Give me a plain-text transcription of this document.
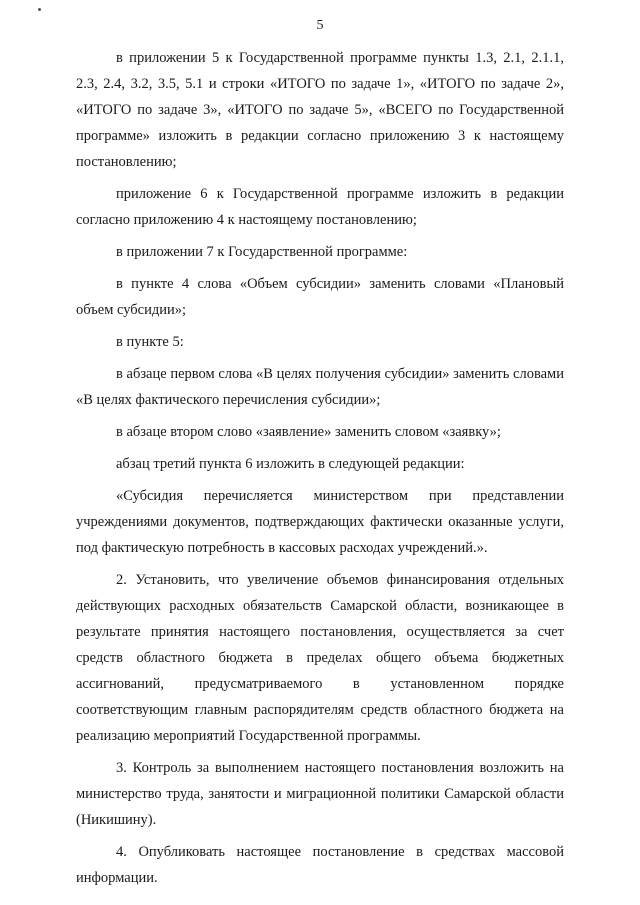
5

в приложении 5 к Государственной программе пункты 1.3, 2.1, 2.1.1, 2.3, 2.4, 3.2, 3.5, 5.1 и строки «ИТОГО по задаче 1», «ИТОГО по задаче 2», «ИТОГО по задаче 3», «ИТОГО по задаче 5», «ВСЕГО по Государственной программе» изложить в редакции согласно приложению 3 к настоящему постановлению;

приложение 6 к Государственной программе изложить в редакции согласно приложению 4 к настоящему постановлению;

в приложении 7 к Государственной программе:

в пункте 4 слова «Объем субсидии» заменить словами «Плановый объем субсидии»;

в пункте 5:

в абзаце первом слова «В целях получения субсидии» заменить словами «В целях фактического перечисления субсидии»;

в абзаце втором слово «заявление» заменить словом «заявку»;

абзац третий пункта 6 изложить в следующей редакции:

«Субсидия перечисляется министерством при представлении учреждениями документов, подтверждающих фактически оказанные услуги, под фактическую потребность в кассовых расходах учреждений.».

2. Установить, что увеличение объемов финансирования отдельных действующих расходных обязательств Самарской области, возникающее в результате принятия настоящего постановления, осуществляется за счет средств областного бюджета в пределах общего объема бюджетных ассигнований, предусматриваемого в установленном порядке соответствующим главным распорядителям средств областного бюджета на реализацию мероприятий Государственной программы.

3. Контроль за выполнением настоящего постановления возложить на министерство труда, занятости и миграционной политики Самарской области (Никишину).

4. Опубликовать настоящее постановление в средствах массовой информации.
